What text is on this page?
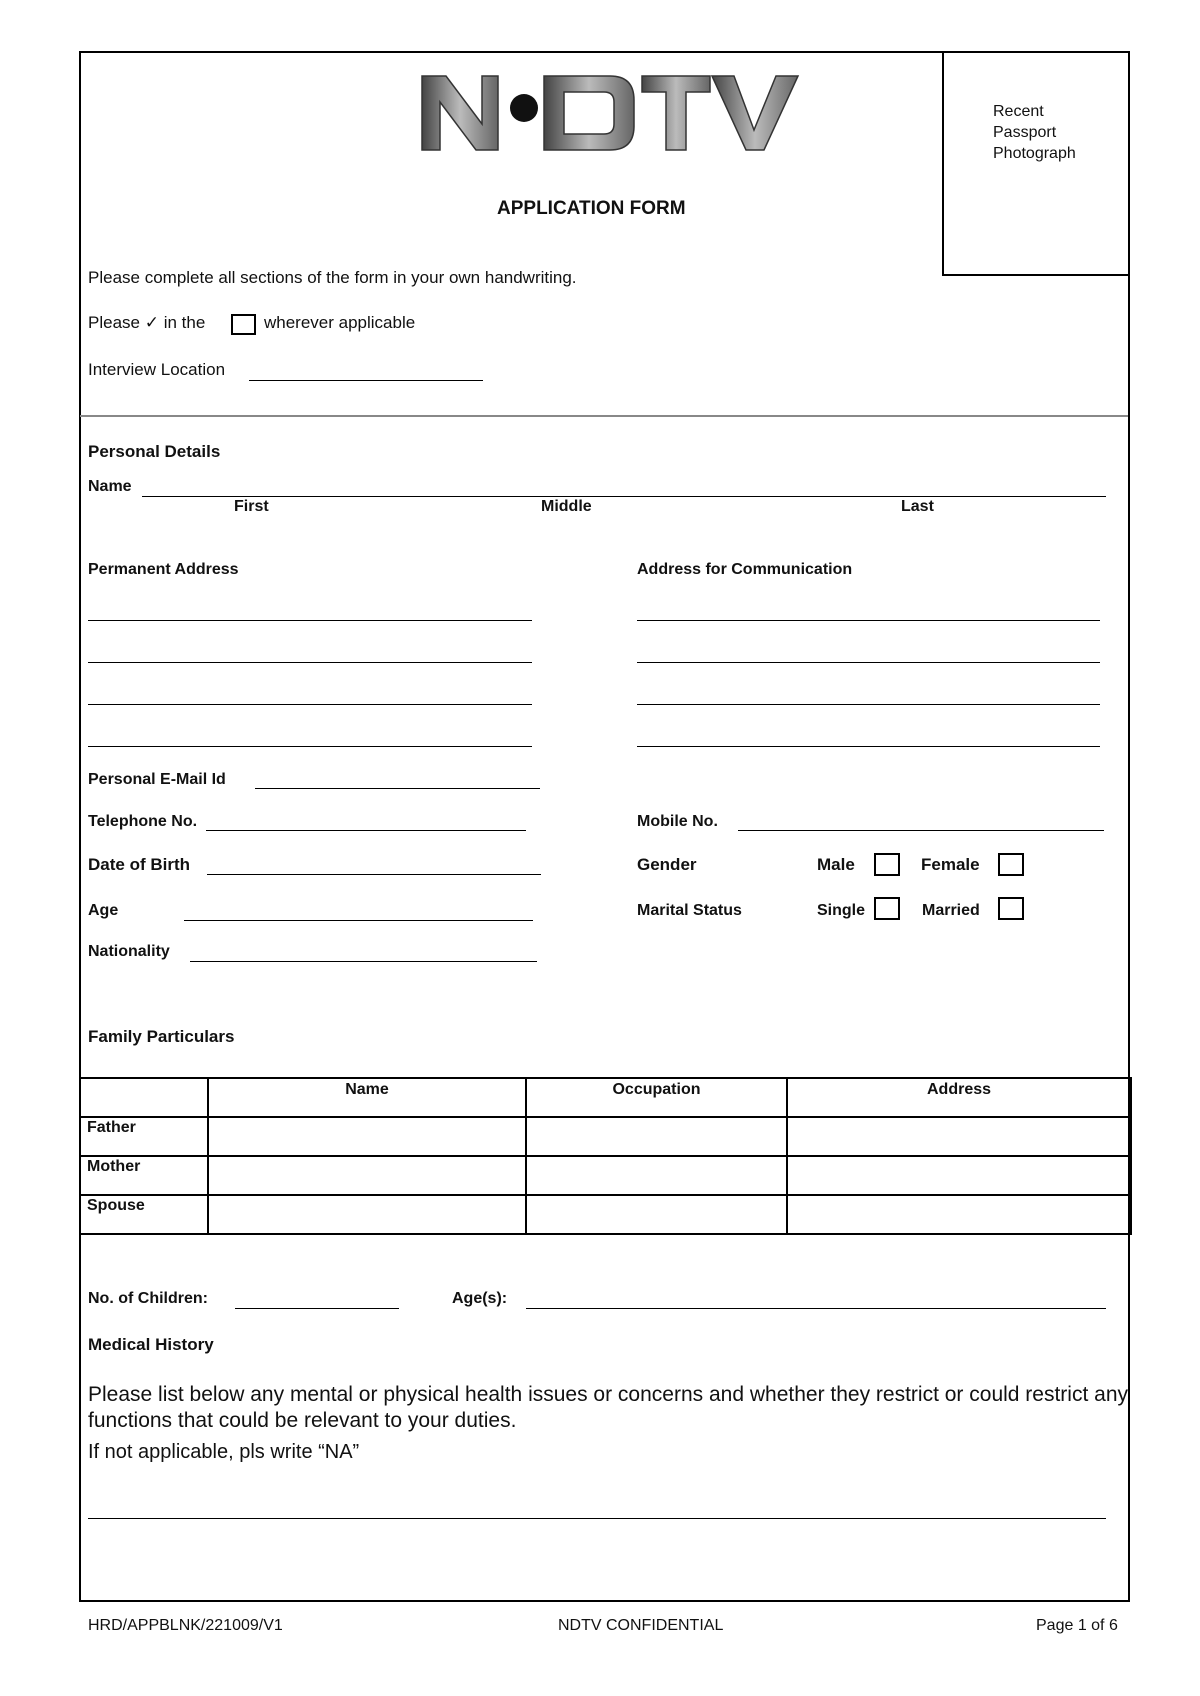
Recent
Passport
Photograph
APPLICATION FORM
Please complete all sections of the form in your own handwriting.
Please ✓ in the	wherever applicable
Interview Location
Personal Details
Name
First	Middle	Last
Permanent Address	Address for Communication
Personal E-Mail Id
Telephone No.	Mobile No.
Date of Birth	Gender	Male	Female
Age	Marital Status	Single	Married
Nationality
Family Particulars
	Name	Occupation	Address
Father			
Mother			
Spouse			
No. of Children:	Age(s):
Medical History
Please list below any mental or physical health issues or concerns and whether they restrict or could restrict any functions that could be relevant to your duties.
If not applicable, pls write “NA”
HRD/APPBLNK/221009/V1	NDTV CONFIDENTIAL	Page 1 of 6
